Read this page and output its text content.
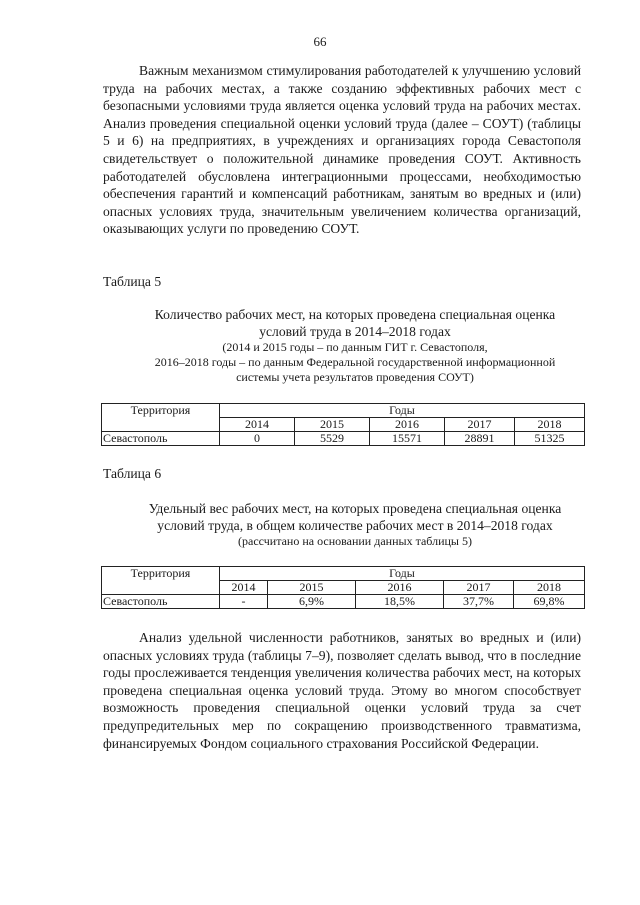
66

Важным механизмом стимулирования работодателей к улучшению условий труда на рабочих местах, а также созданию эффективных рабочих мест с безопасными условиями труда является оценка условий труда на рабочих местах. Анализ проведения специальной оценки условий труда (далее – СОУТ) (таблицы 5 и 6) на предприятиях, в учреждениях и организациях города Севастополя свидетельствует о положительной динамике проведения СОУТ. Активность работодателей обусловлена интеграционными процессами, необходимостью обеспечения гарантий и компенсаций работникам, занятым во вредных и (или) опасных условиях труда, значительным увеличением количества организаций, оказывающих услуги по проведению СОУТ.

Таблица 5
Количество рабочих мест, на которых проведена специальная оценка
условий труда в 2014–2018 годах
(2014 и 2015 годы – по данным ГИТ г. Севастополя,
2016–2018 годы – по данным Федеральной государственной информационной
системы учета результатов проведения СОУТ)
Территория	Годы				
	2014	2015	2016	2017	2018
Севастополь	0	5529	15571	28891	51325
Таблица 6
Удельный вес рабочих мест, на которых проведена специальная оценка
условий труда, в общем количестве рабочих мест в 2014–2018 годах
(рассчитано на основании данных таблицы 5)
Территория	Годы				
	2014	2015	2016	2017	2018
Севастополь	-	6,9%	18,5%	37,7%	69,8%

Анализ удельной численности работников, занятых во вредных и (или) опасных условиях труда (таблицы 7–9), позволяет сделать вывод, что в последние годы прослеживается тенденция увеличения количества рабочих мест, на которых проведена специальная оценка условий труда. Этому во многом способствует возможность проведения специальной оценки условий труда за счет предупредительных мер по сокращению производственного травматизма, финансируемых Фондом социального страхования Российской Федерации.
